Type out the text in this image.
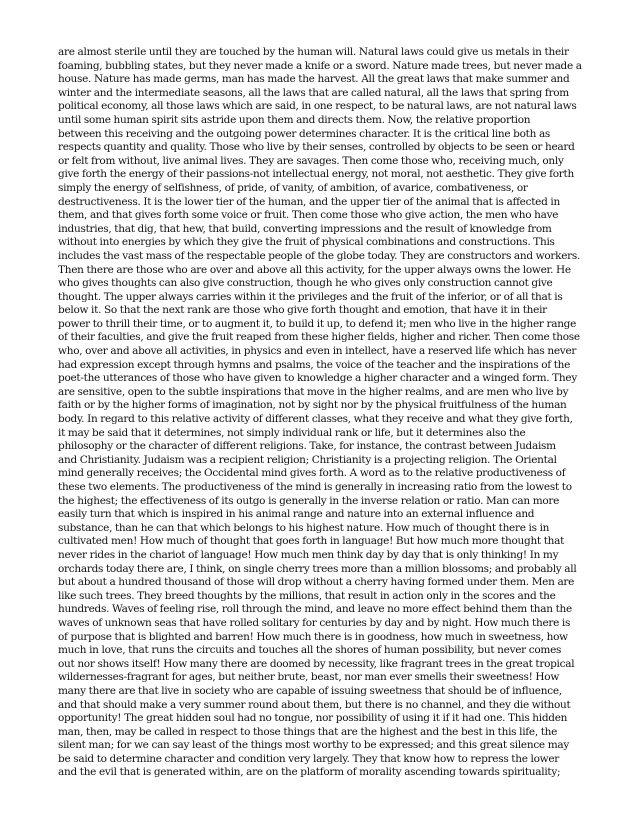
are almost sterile until they are touched by the human will. Natural laws could give us metals in their
foaming, bubbling states, but they never made a knife or a sword. Nature made trees, but never made a
house. Nature has made germs, man has made the harvest. All the great laws that make summer and
winter and the intermediate seasons, all the laws that are called natural, all the laws that spring from
political economy, all those laws which are said, in one respect, to be natural laws, are not natural laws
until some human spirit sits astride upon them and directs them. Now, the relative proportion
between this receiving and the outgoing power determines character. It is the critical line both as
respects quantity and quality. Those who live by their senses, controlled by objects to be seen or heard
or felt from without, live animal lives. They are savages. Then come those who, receiving much, only
give forth the energy of their passions-not intellectual energy, not moral, not aesthetic. They give forth
simply the energy of selfishness, of pride, of vanity, of ambition, of avarice, combativeness, or
destructiveness. It is the lower tier of the human, and the upper tier of the animal that is affected in
them, and that gives forth some voice or fruit. Then come those who give action, the men who have
industries, that dig, that hew, that build, converting impressions and the result of knowledge from
without into energies by which they give the fruit of physical combinations and constructions. This
includes the vast mass of the respectable people of the globe today. They are constructors and workers.
Then there are those who are over and above all this activity, for the upper always owns the lower. He
who gives thoughts can also give construction, though he who gives only construction cannot give
thought. The upper always carries within it the privileges and the fruit of the inferior, or of all that is
below it. So that the next rank are those who give forth thought and emotion, that have it in their
power to thrill their time, or to augment it, to build it up, to defend it; men who live in the higher range
of their faculties, and give the fruit reaped from these higher fields, higher and richer. Then come those
who, over and above all activities, in physics and even in intellect, have a reserved life which has never
had expression except through hymns and psalms, the voice of the teacher and the inspirations of the
poet-the utterances of those who have given to knowledge a higher character and a winged form. They
are sensitive, open to the subtle inspirations that move in the higher realms, and are men who live by
faith or by the higher forms of imagination, not by sight nor by the physical fruitfulness of the human
body. In regard to this relative activity of different classes, what they receive and what they give forth,
it may be said that it determines, not simply individual rank or life, but it determines also the
philosophy or the character of different religions. Take, for instance, the contrast between Judaism
and Christianity. Judaism was a recipient religion; Christianity is a projecting religion. The Oriental
mind generally receives; the Occidental mind gives forth. A word as to the relative productiveness of
these two elements. The productiveness of the mind is generally in increasing ratio from the lowest to
the highest; the effectiveness of its outgo is generally in the inverse relation or ratio. Man can more
easily turn that which is inspired in his animal range and nature into an external influence and
substance, than he can that which belongs to his highest nature. How much of thought there is in
cultivated men! How much of thought that goes forth in language! But how much more thought that
never rides in the chariot of language! How much men think day by day that is only thinking! In my
orchards today there are, I think, on single cherry trees more than a million blossoms; and probably all
but about a hundred thousand of those will drop without a cherry having formed under them. Men are
like such trees. They breed thoughts by the millions, that result in action only in the scores and the
hundreds. Waves of feeling rise, roll through the mind, and leave no more effect behind them than the
waves of unknown seas that have rolled solitary for centuries by day and by night. How much there is
of purpose that is blighted and barren! How much there is in goodness, how much in sweetness, how
much in love, that runs the circuits and touches all the shores of human possibility, but never comes
out nor shows itself! How many there are doomed by necessity, like fragrant trees in the great tropical
wildernesses-fragrant for ages, but neither brute, beast, nor man ever smells their sweetness! How
many there are that live in society who are capable of issuing sweetness that should be of influence,
and that should make a very summer round about them, but there is no channel, and they die without
opportunity! The great hidden soul had no tongue, nor possibility of using it if it had one. This hidden
man, then, may be called in respect to those things that are the highest and the best in this life, the
silent man; for we can say least of the things most worthy to be expressed; and this great silence may
be said to determine character and condition very largely. They that know how to repress the lower
and the evil that is generated within, are on the platform of morality ascending towards spirituality;
